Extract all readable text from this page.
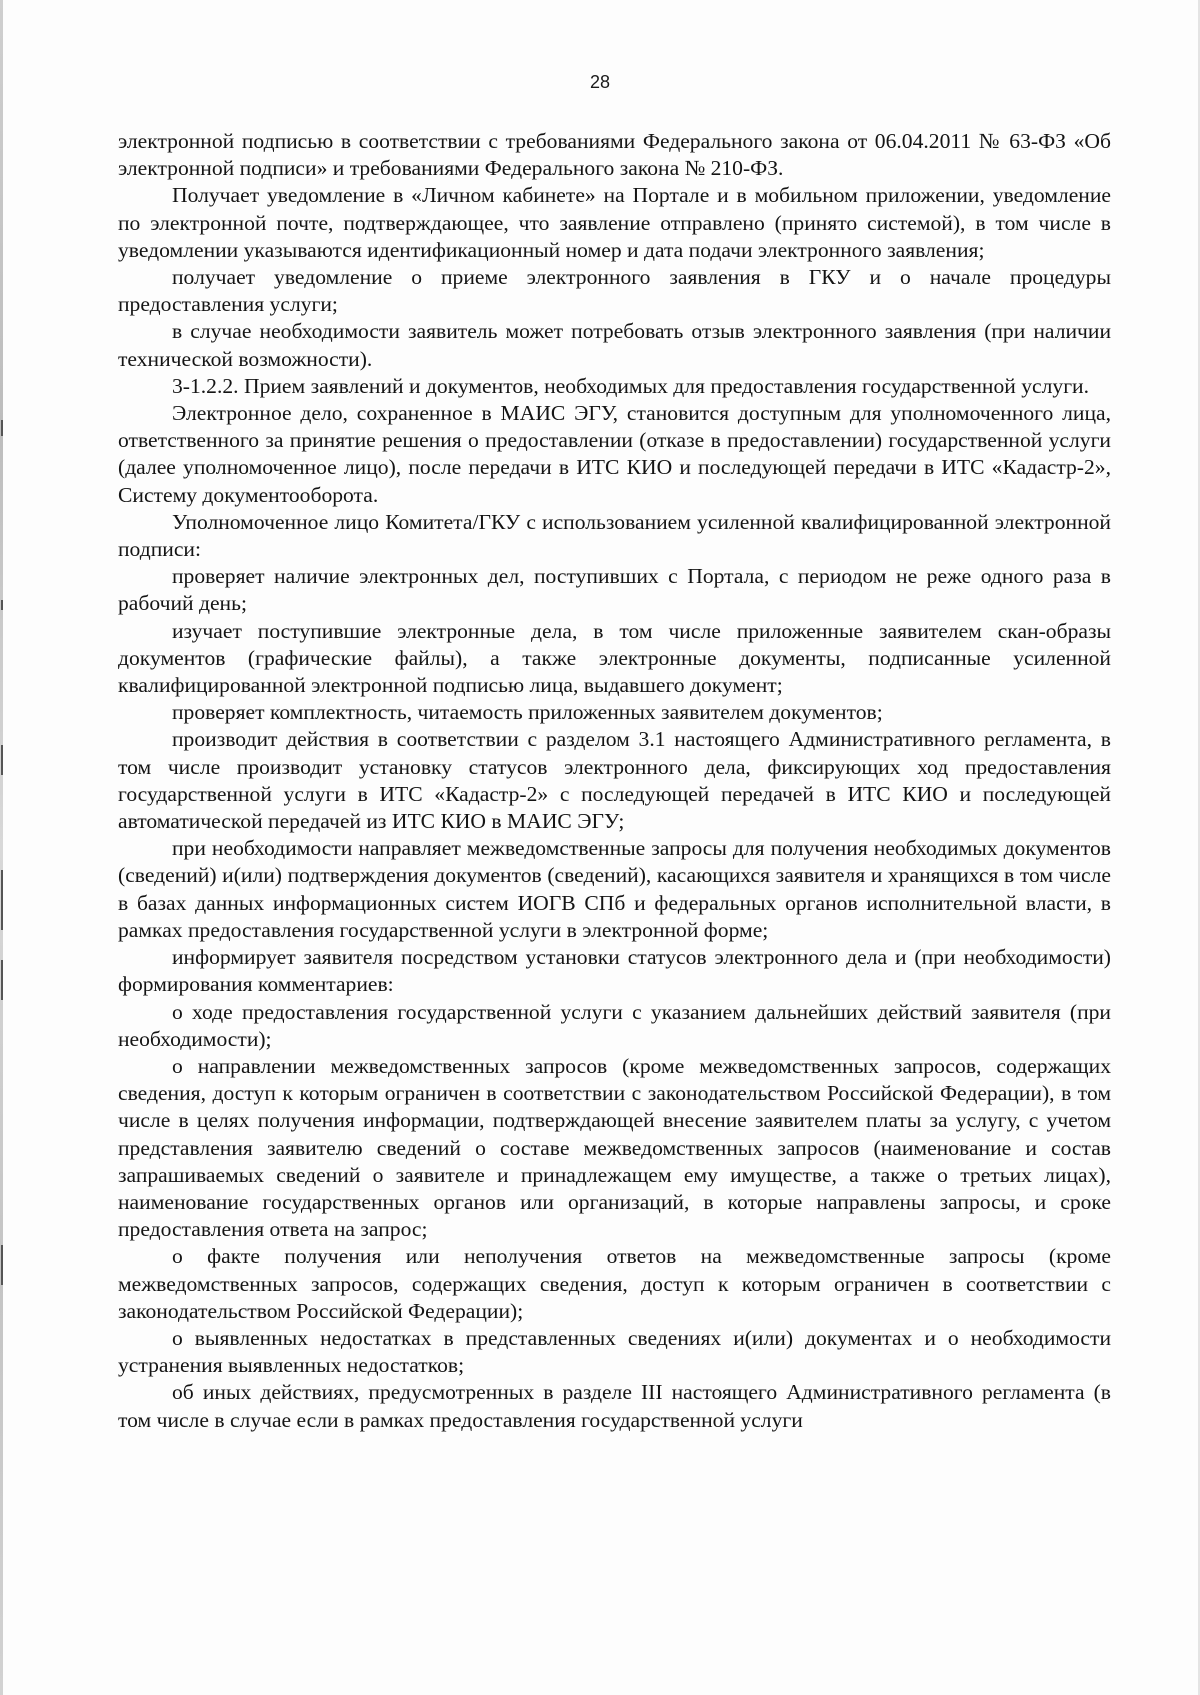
28

электронной подписью в соответствии с требованиями Федерального закона от 06.04.2011 № 63-ФЗ «Об электронной подписи» и требованиями Федерального закона № 210-ФЗ.

Получает уведомление в «Личном кабинете» на Портале и в мобильном приложении, уведомление по электронной почте, подтверждающее, что заявление отправлено (принято системой), в том числе в уведомлении указываются идентификационный номер и дата подачи электронного заявления;

получает уведомление о приеме электронного заявления в ГКУ и о начале процедуры предоставления услуги;

в случае необходимости заявитель может потребовать отзыв электронного заявления (при наличии технической возможности).

3-1.2.2. Прием заявлений и документов, необходимых для предоставления государственной услуги.

Электронное дело, сохраненное в МАИС ЭГУ, становится доступным для уполномоченного лица, ответственного за принятие решения о предоставлении (отказе в предоставлении) государственной услуги (далее уполномоченное лицо), после передачи в ИТС КИО и последующей передачи в ИТС «Кадастр-2», Систему документооборота.

Уполномоченное лицо Комитета/ГКУ с использованием усиленной квалифицированной электронной подписи:

проверяет наличие электронных дел, поступивших с Портала, с периодом не реже одного раза в рабочий день;

изучает поступившие электронные дела, в том числе приложенные заявителем скан-образы документов (графические файлы), а также электронные документы, подписанные усиленной квалифицированной электронной подписью лица, выдавшего документ;

проверяет комплектность, читаемость приложенных заявителем документов;

производит действия в соответствии с разделом 3.1 настоящего Административного регламента, в том числе производит установку статусов электронного дела, фиксирующих ход предоставления государственной услуги в ИТС «Кадастр-2» с последующей передачей в ИТС КИО и последующей автоматической передачей из ИТС КИО в МАИС ЭГУ;

при необходимости направляет межведомственные запросы для получения необходимых документов (сведений) и(или) подтверждения документов (сведений), касающихся заявителя и хранящихся в том числе в базах данных информационных систем ИОГВ СПб и федеральных органов исполнительной власти, в рамках предоставления государственной услуги в электронной форме;

информирует заявителя посредством установки статусов электронного дела и (при необходимости) формирования комментариев:

о ходе предоставления государственной услуги с указанием дальнейших действий заявителя (при необходимости);

о направлении межведомственных запросов (кроме межведомственных запросов, содержащих сведения, доступ к которым ограничен в соответствии с законодательством Российской Федерации), в том числе в целях получения информации, подтверждающей внесение заявителем платы за услугу, с учетом представления заявителю сведений о составе межведомственных запросов (наименование и состав запрашиваемых сведений о заявителе и принадлежащем ему имуществе, а также о третьих лицах), наименование государственных органов или организаций, в которые направлены запросы, и сроке предоставления ответа на запрос;

о факте получения или неполучения ответов на межведомственные запросы (кроме межведомственных запросов, содержащих сведения, доступ к которым ограничен в соответствии с законодательством Российской Федерации);

о выявленных недостатках в представленных сведениях и(или) документах и о необходимости устранения выявленных недостатков;

об иных действиях, предусмотренных в разделе III настоящего Административного регламента (в том числе в случае если в рамках предоставления государственной услуги
